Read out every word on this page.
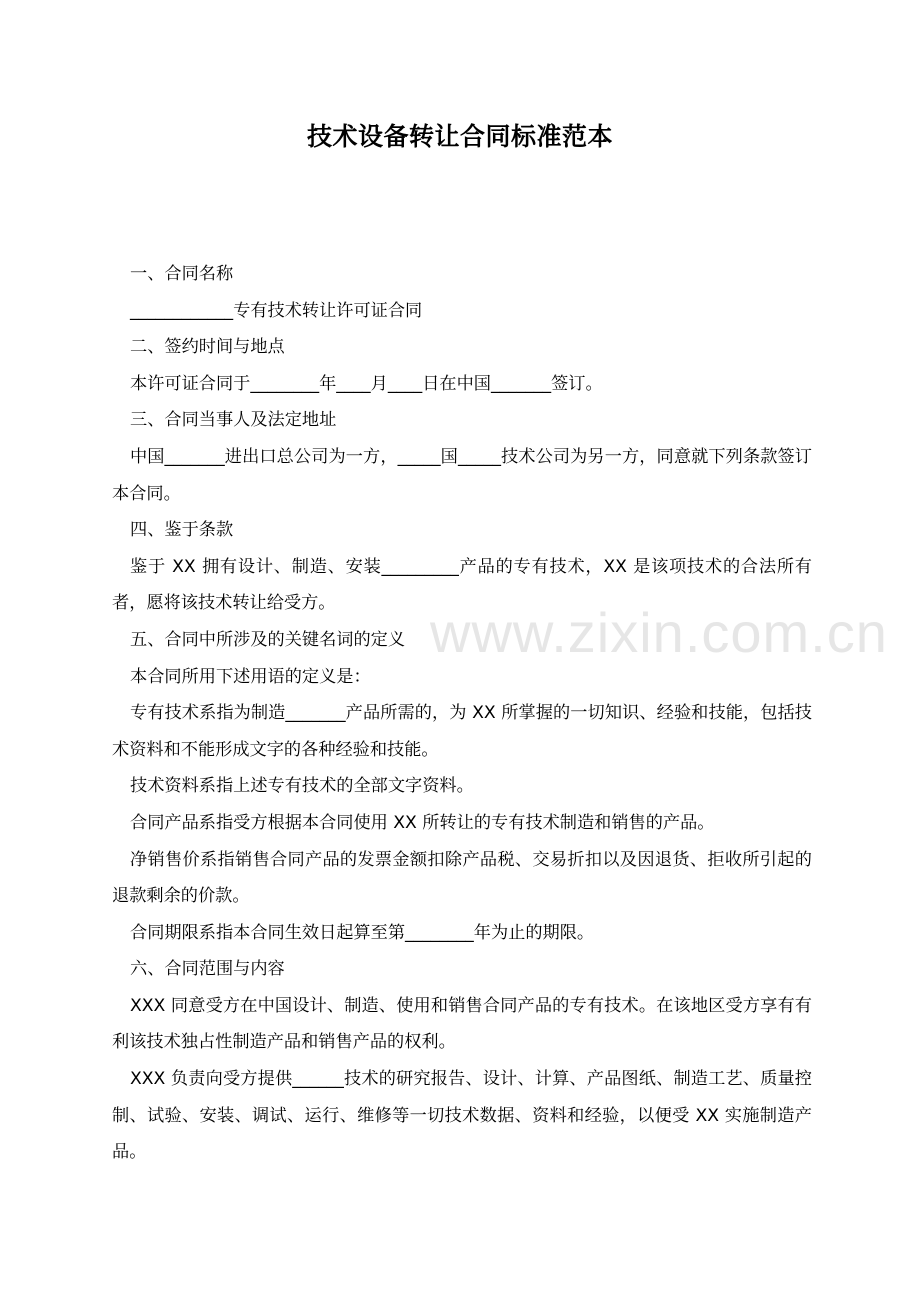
www.zixin.com.cn
技术设备转让合同标准范本

一、合同名称

____________专有技术转让许可证合同

二、签约时间与地点

本许可证合同于________年____月____日在中国_______签订。

三、合同当事人及法定地址

中国_______进出口总公司为一方，_____国_____技术公司为另一方，同意就下列条款签订本合同。

四、鉴于条款

鉴于 XX 拥有设计、制造、安装_________产品的专有技术，XX 是该项技术的合法所有者，愿将该技术转让给受方。

五、合同中所涉及的关键名词的定义

本合同所用下述用语的定义是：

专有技术系指为制造_______产品所需的，为 XX 所掌握的一切知识、经验和技能，包括技术资料和不能形成文字的各种经验和技能。

技术资料系指上述专有技术的全部文字资料。

合同产品系指受方根据本合同使用 XX 所转让的专有技术制造和销售的产品。

净销售价系指销售合同产品的发票金额扣除产品税、交易折扣以及因退货、拒收所引起的退款剩余的价款。

合同期限系指本合同生效日起算至第________年为止的期限。

六、合同范围与内容

XXX 同意受方在中国设计、制造、使用和销售合同产品的专有技术。在该地区受方享有有利该技术独占性制造产品和销售产品的权利。

XXX 负责向受方提供______技术的研究报告、设计、计算、产品图纸、制造工艺、质量控制、试验、安装、调试、运行、维修等一切技术数据、资料和经验，以便受 XX 实施制造产品。
